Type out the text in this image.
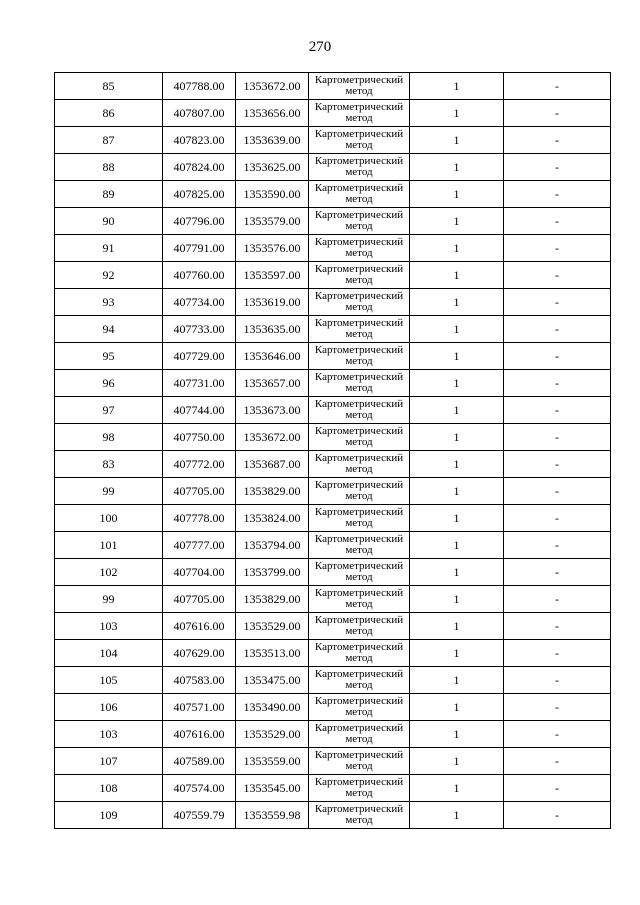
270
85	407788.00	1353672.00	Картометрический метод	1	-
86	407807.00	1353656.00	Картометрический метод	1	-
87	407823.00	1353639.00	Картометрический метод	1	-
88	407824.00	1353625.00	Картометрический метод	1	-
89	407825.00	1353590.00	Картометрический метод	1	-
90	407796.00	1353579.00	Картометрический метод	1	-
91	407791.00	1353576.00	Картометрический метод	1	-
92	407760.00	1353597.00	Картометрический метод	1	-
93	407734.00	1353619.00	Картометрический метод	1	-
94	407733.00	1353635.00	Картометрический метод	1	-
95	407729.00	1353646.00	Картометрический метод	1	-
96	407731.00	1353657.00	Картометрический метод	1	-
97	407744.00	1353673.00	Картометрический метод	1	-
98	407750.00	1353672.00	Картометрический метод	1	-
83	407772.00	1353687.00	Картометрический метод	1	-
99	407705.00	1353829.00	Картометрический метод	1	-
100	407778.00	1353824.00	Картометрический метод	1	-
101	407777.00	1353794.00	Картометрический метод	1	-
102	407704.00	1353799.00	Картометрический метод	1	-
99	407705.00	1353829.00	Картометрический метод	1	-
103	407616.00	1353529.00	Картометрический метод	1	-
104	407629.00	1353513.00	Картометрический метод	1	-
105	407583.00	1353475.00	Картометрический метод	1	-
106	407571.00	1353490.00	Картометрический метод	1	-
103	407616.00	1353529.00	Картометрический метод	1	-
107	407589.00	1353559.00	Картометрический метод	1	-
108	407574.00	1353545.00	Картометрический метод	1	-
109	407559.79	1353559.98	Картометрический метод	1	-
